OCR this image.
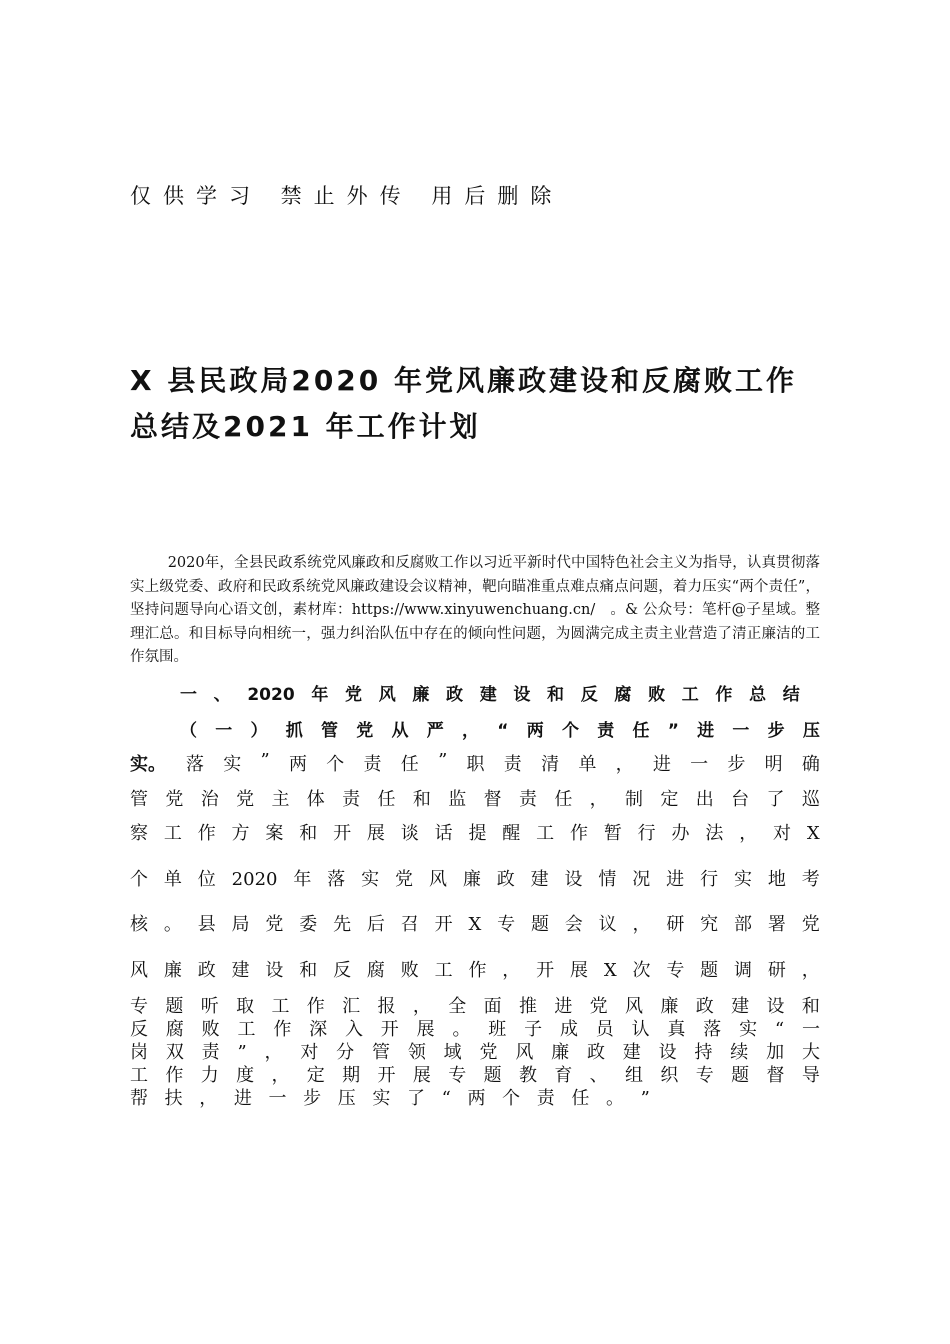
仅供学习 禁止外传 用后删除
X 县民政局2020 年党风廉政建设和反腐败工作
总结及2021 年工作计划

2020年，全县民政系统党风廉政和反腐败工作以习近平新时代中国特色社会主义为指导，认真贯彻落实上级党委、政府和民政系统党风廉政建设会议精神，靶向瞄准重点难点痛点问题，着力压实“两个责任”，坚持问题导向心语文创，素材库：https://www.xinyuwenchuang.cn/　。& 公众号：笔杆@子星域。整理汇总。和目标导向相统一，强力纠治队伍中存在的倾向性问题，为圆满完成主责主业营造了清正廉洁的工作氛围。

一 、 2020 年 党 风 廉 政 建 设 和 反 腐 败 工 作 总 结
（ 一 ） 抓 管 党 从 严 ， “ 两 个 责 任 ” 进 一 步 压
实。 落 实 ” 两 个 责 任 ” 职 责 清 单 ， 进 一 步 明 确
管 党 治 党 主 体 责 任 和 监 督 责 任 ， 制 定 出 台 了 巡
察 工 作 方 案 和 开 展 谈 话 提 醒 工 作 暂 行 办 法 ， 对 X
个 单 位 2020 年 落 实 党 风 廉 政 建 设 情 况 进 行 实 地 考
核 。 县 局 党 委 先 后 召 开 X 专 题 会 议 ， 研 究 部 署 党
风 廉 政 建 设 和 反 腐 败 工 作 ， 开 展 X 次 专 题 调 研 ，
专 题 听 取 工 作 汇 报 ， 全 面 推 进 党 风 廉 政 建 设 和
反 腐 败 工 作 深 入 开 展 。 班 子 成 员 认 真 落 实 “ 一
岗 双 责 ” ， 对 分 管 领 域 党 风 廉 政 建 设 持 续 加 大
工 作 力 度 ， 定 期 开 展 专 题 教 育 、 组 织 专 题 督 导
帮 扶 ， 进 一 步 压 实 了 “ 两 个 责 任 。 ”
